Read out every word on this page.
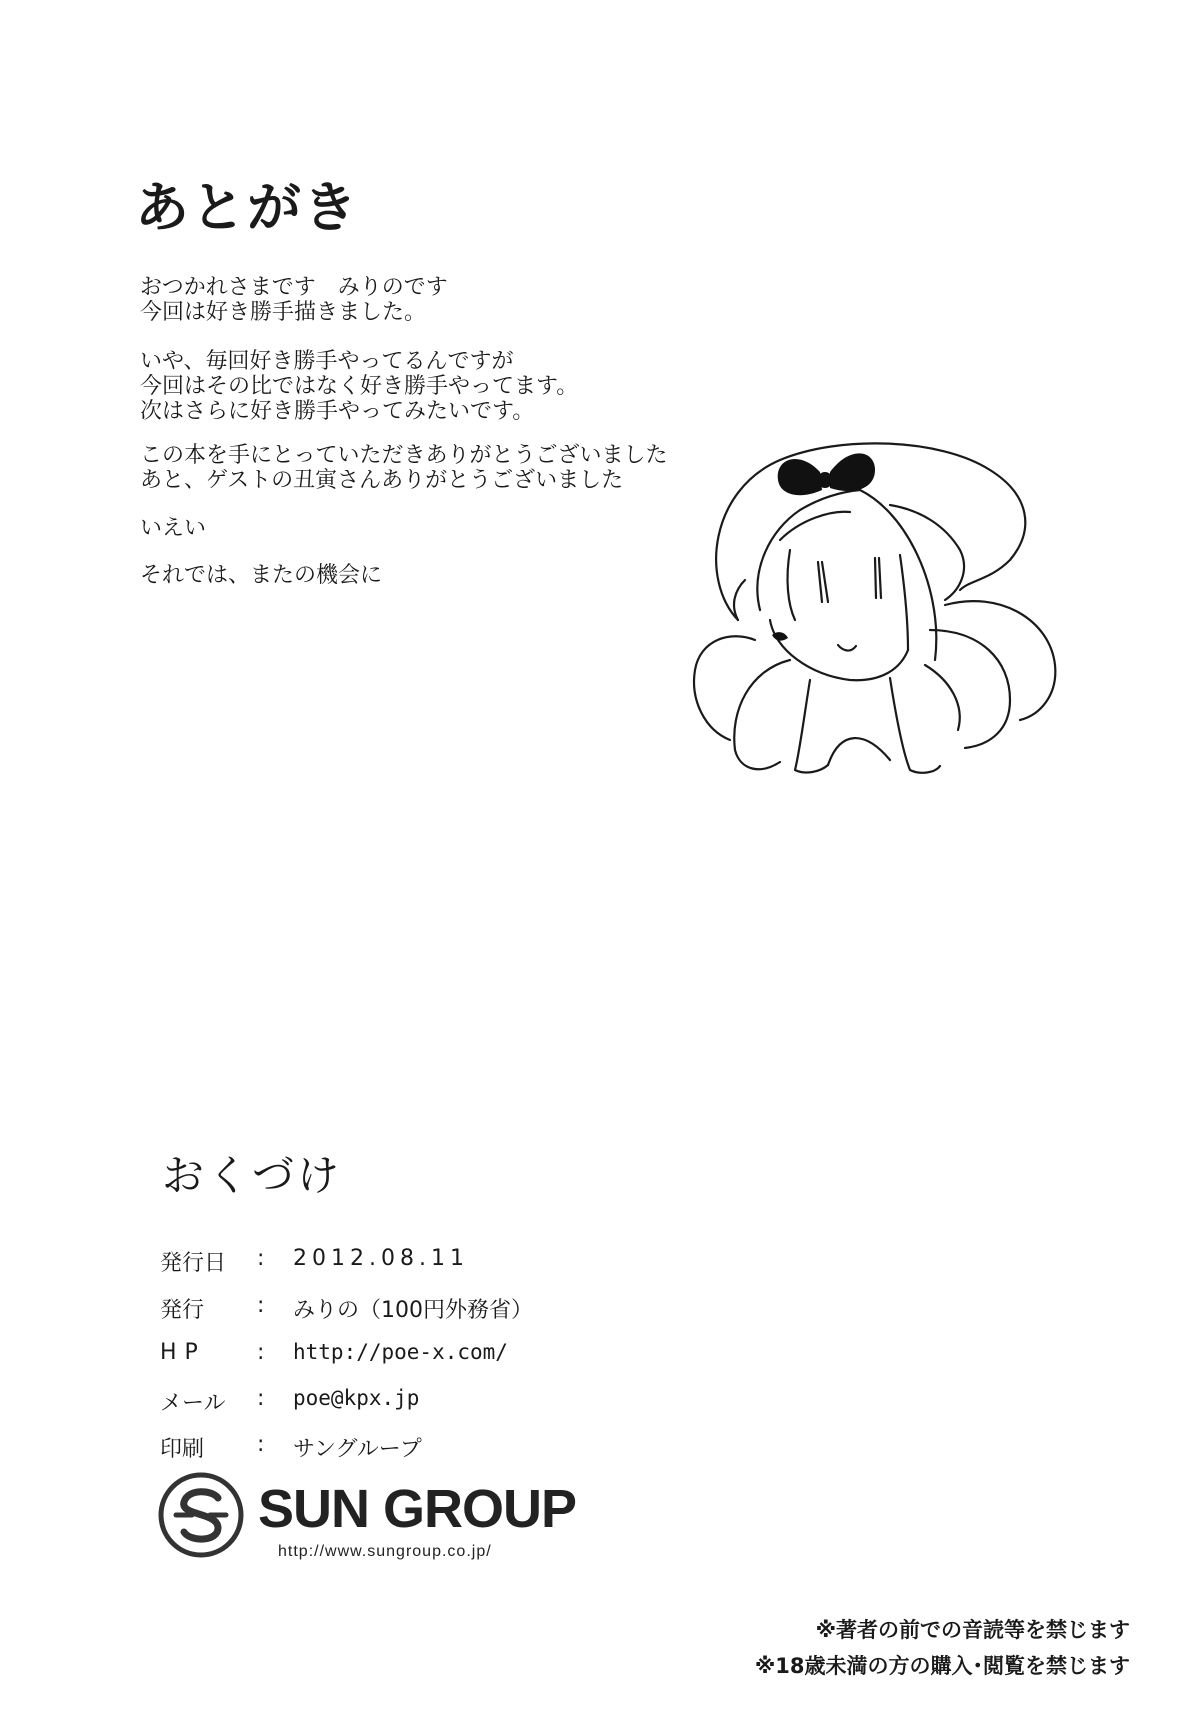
あとがき
おつかれさまです　みりのです
今回は好き勝手描きました。
いや、毎回好き勝手やってるんですが
今回はその比ではなく好き勝手やってます。
次はさらに好き勝手やってみたいです。
この本を手にとっていただきありがとうございました
あと、ゲストの丑寅さんありがとうございました
いえい
それでは、またの機会に
おくづけ
発行日 : 2012.08.11
発行 : みりの（100円外務省）
HP : http://poe-x.com/
メール : poe@kpx.jp
印刷 : サングループ
SUN GROUP
http://www.sungroup.co.jp/
※著者の前での音読等を禁じます
※18歳未満の方の購入･閲覧を禁じます
